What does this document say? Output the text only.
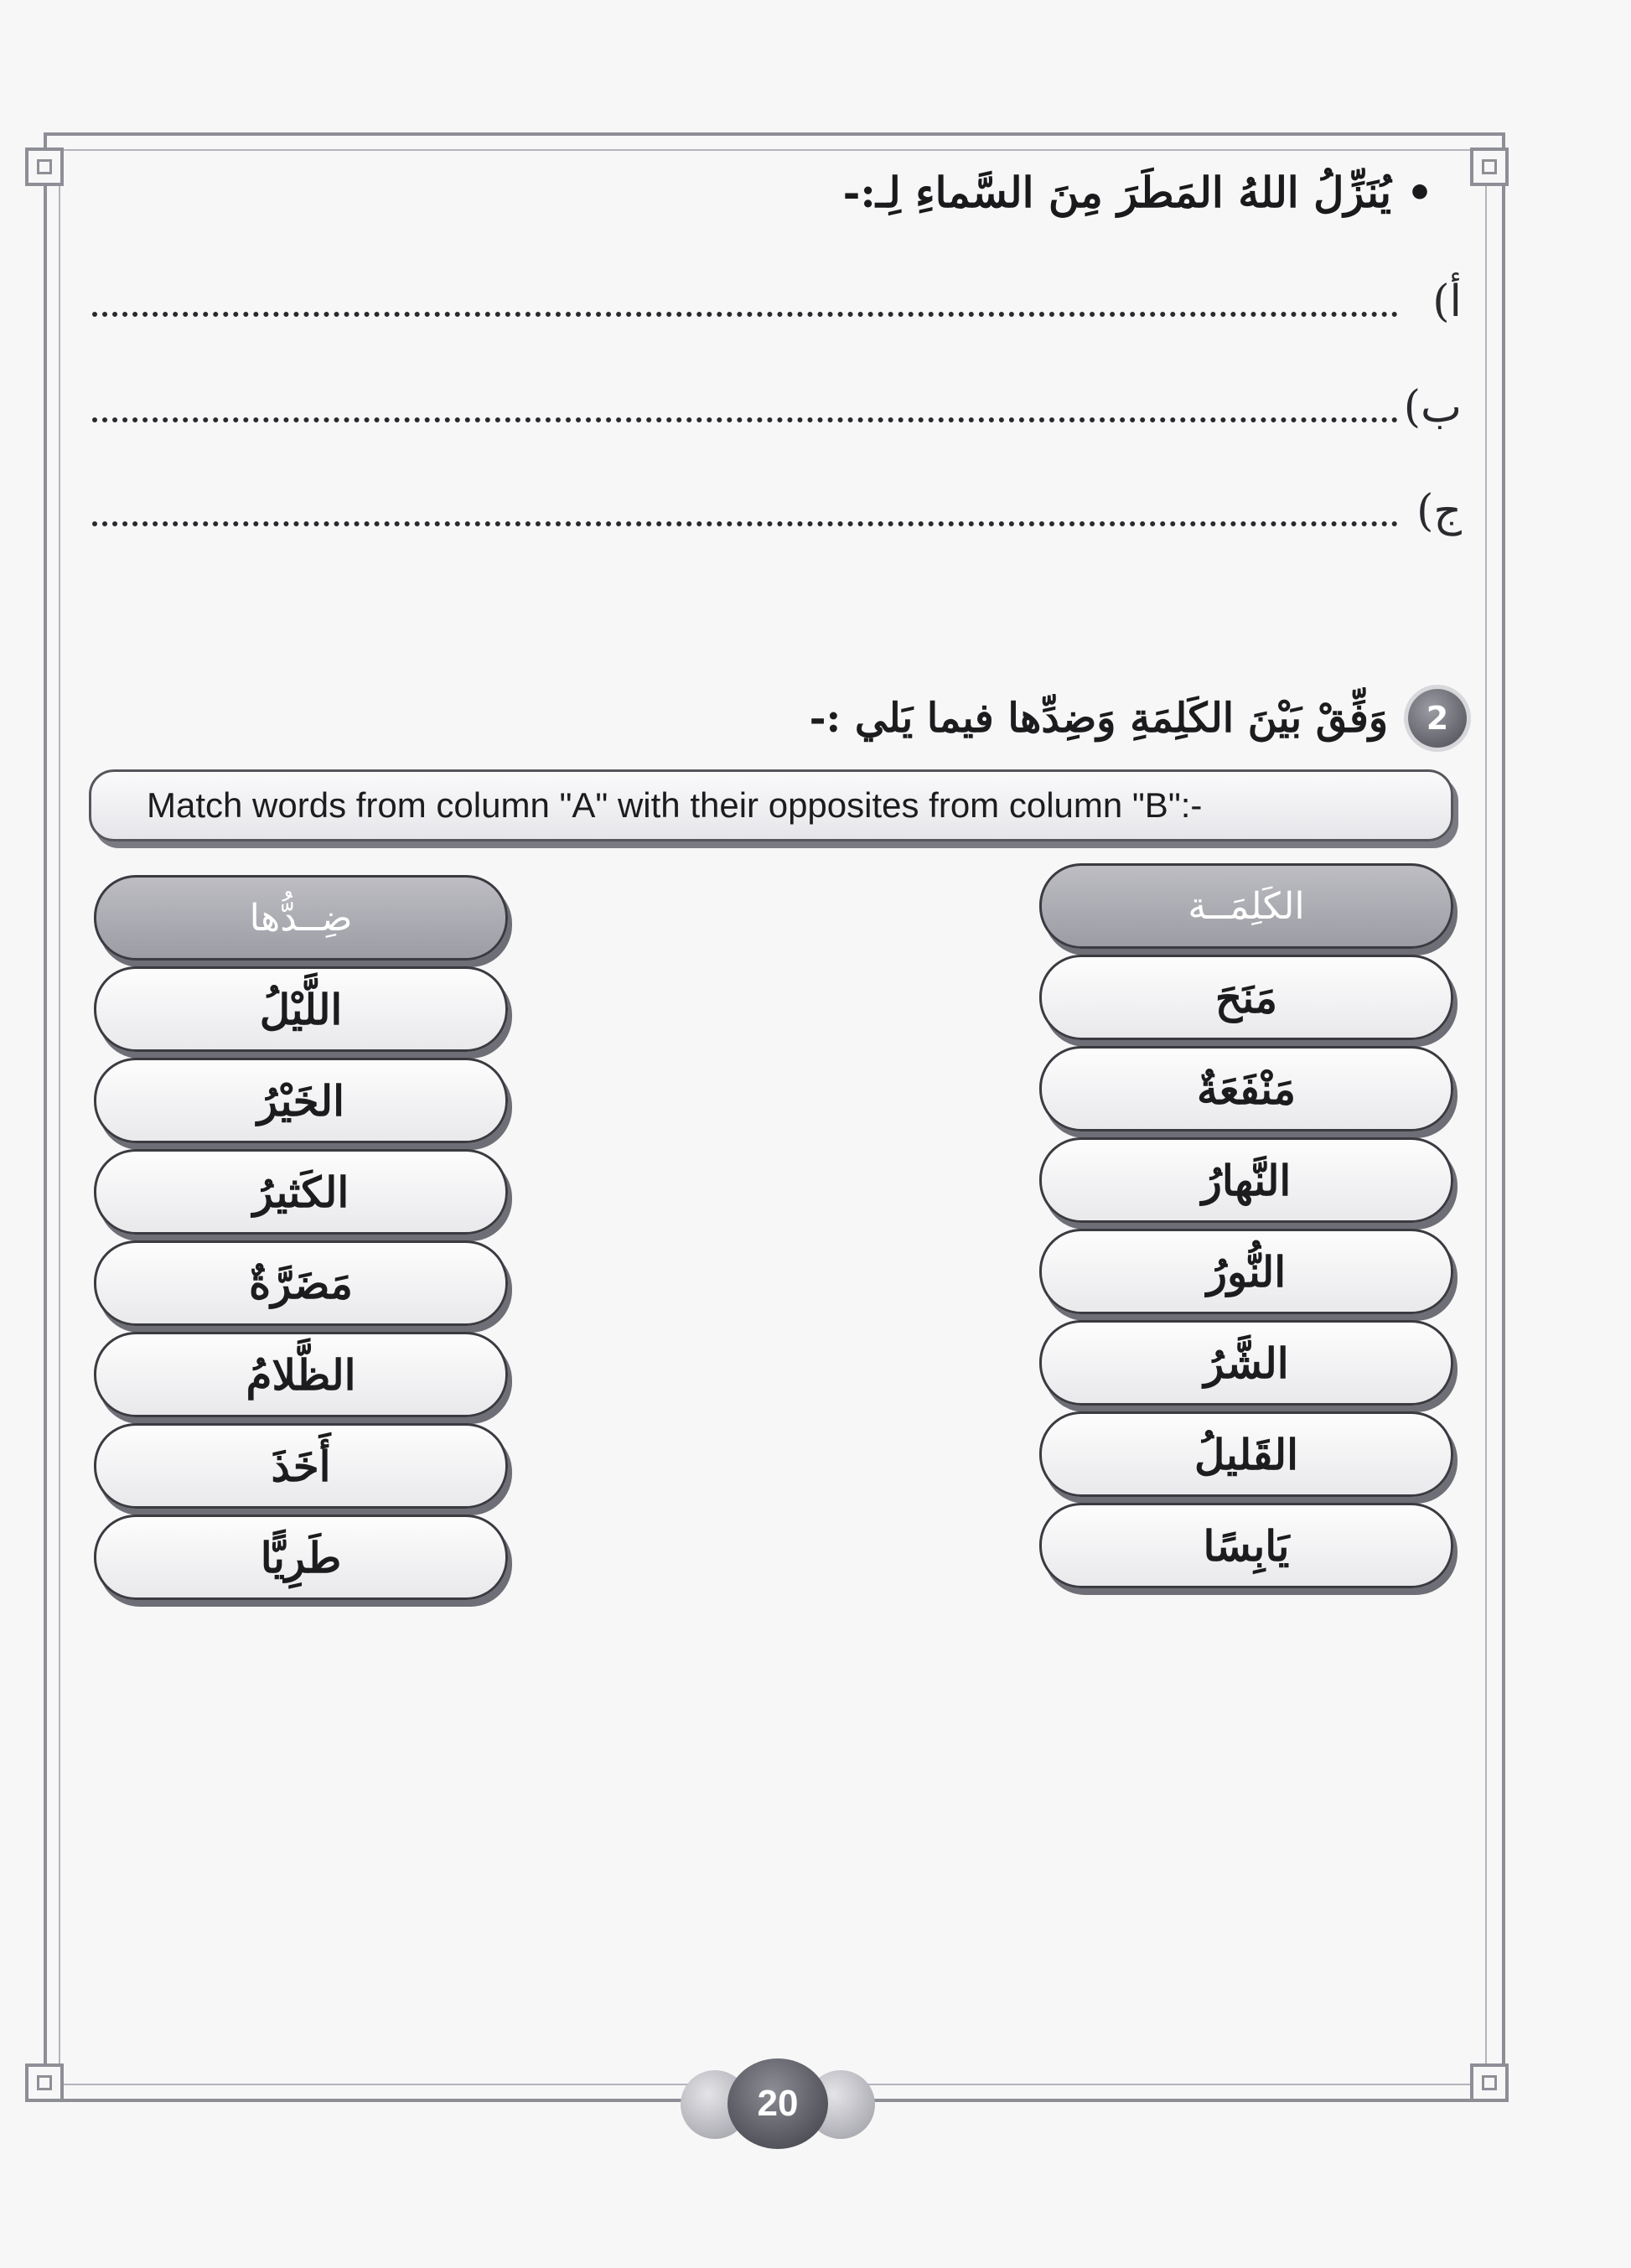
•يُنَزِّلُ اللهُ المَطَرَ مِنَ السَّماءِ لِـ:-
أ)
ب)
ج)
2
وَفِّقْ بَيْنَ الكَلِمَةِ وَضِدِّها فيما يَلي :-
Match words from column "A" with their opposites from column "B":-
ضِــدُّها
اللَّيْلُ
الخَيْرُ
الكَثيرُ
مَضَرَّةٌ
الظَّلامُ
أَخَذَ
طَرِيًّا
الكَلِمَــة
مَنَحَ
مَنْفَعَةٌ
النَّهارُ
النُّورُ
الشَّرُ
القَليلُ
يَابِسًا
20
